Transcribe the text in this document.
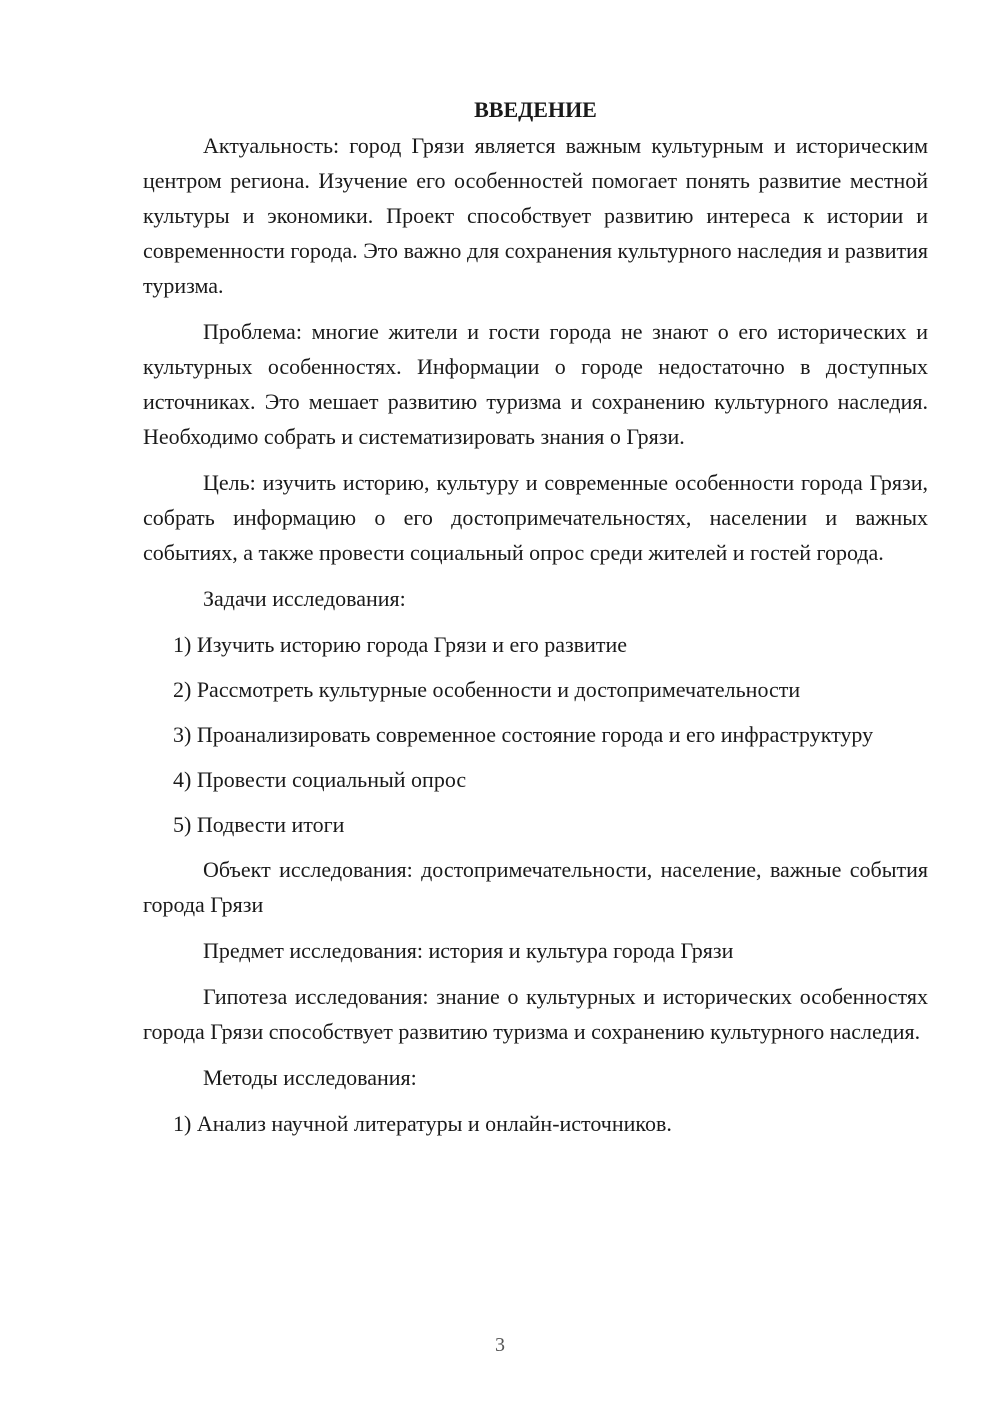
ВВЕДЕНИЕ

Актуальность: город Грязи является важным культурным и историческим центром региона. Изучение его особенностей помогает понять развитие местной культуры и экономики. Проект способствует развитию интереса к истории и современности города. Это важно для сохранения культурного наследия и развития туризма.

Проблема: многие жители и гости города не знают о его исторических и культурных особенностях. Информации о городе недостаточно в доступных источниках. Это мешает развитию туризма и сохранению культурного наследия. Необходимо собрать и систематизировать знания о Грязи.

Цель: изучить историю, культуру и современные особенности города Грязи, собрать информацию о его достопримечательностях, населении и важных событиях, а также провести социальный опрос среди жителей и гостей города.

Задачи исследования:

1) Изучить историю города Грязи и его развитие

2) Рассмотреть культурные особенности и достопримечательности

3) Проанализировать современное состояние города и его инфраструктуру

4) Провести социальный опрос

5) Подвести итоги

Объект исследования: достопримечательности, население, важные события города Грязи

Предмет исследования: история и культура города Грязи

Гипотеза исследования: знание о культурных и исторических особенностях города Грязи способствует развитию туризма и сохранению культурного наследия.

Методы исследования:

1) Анализ научной литературы и онлайн-источников.

3
